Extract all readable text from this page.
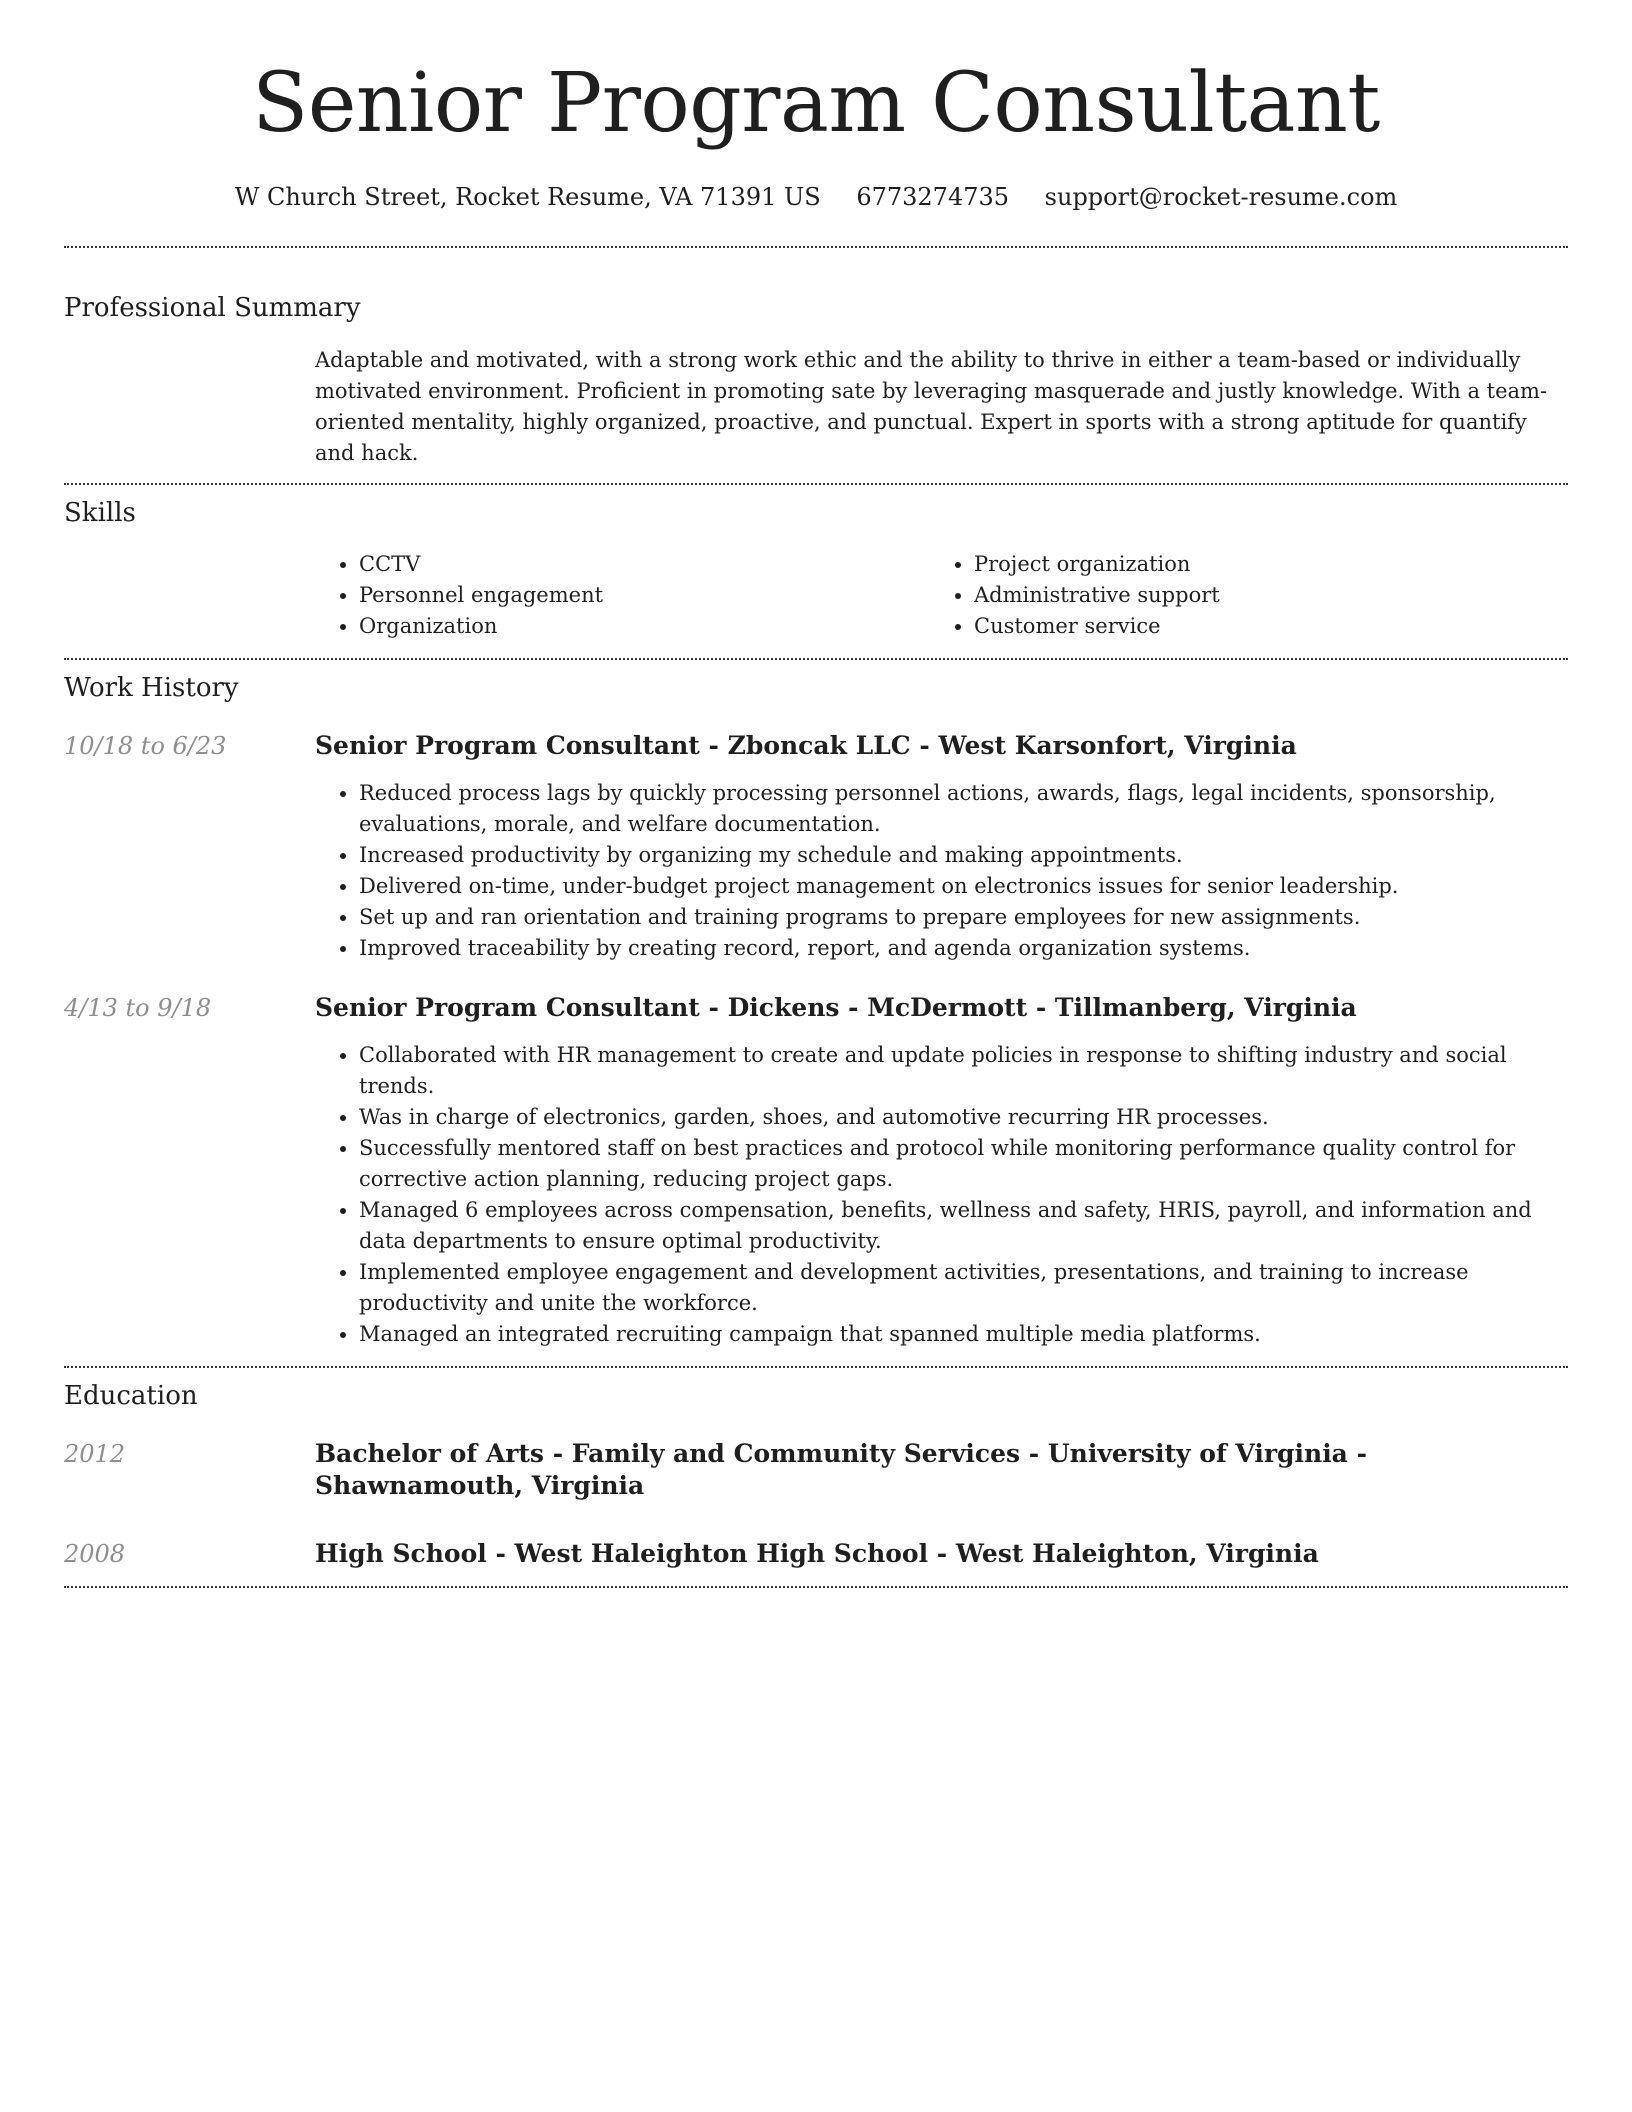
Senior Program Consultant
W Church Street, Rocket Resume, VA 71391 US 6773274735 support@rocket-resume.com
Professional Summary

Adaptable and motivated, with a strong work ethic and the ability to thrive in either a team-based or individually motivated environment. Proficient in promoting sate by leveraging masquerade and justly knowledge. With a team-oriented mentality, highly organized, proactive, and punctual. Expert in sports with a strong aptitude for quantify and hack.

Skills
• CCTV
• Personnel engagement
• Organization
• Project organization
• Administrative support
• Customer service
Work History
10/18 to 6/23	Senior Program Consultant - Zboncak LLC - West Karsonfort, Virginia
• Reduced process lags by quickly processing personnel actions, awards, flags, legal incidents, sponsorship, evaluations, morale, and welfare documentation.
• Increased productivity by organizing my schedule and making appointments.
• Delivered on-time, under-budget project management on electronics issues for senior leadership.
• Set up and ran orientation and training programs to prepare employees for new assignments.
• Improved traceability by creating record, report, and agenda organization systems.
4/13 to 9/18	Senior Program Consultant - Dickens - McDermott - Tillmanberg, Virginia
• Collaborated with HR management to create and update policies in response to shifting industry and social trends.
• Was in charge of electronics, garden, shoes, and automotive recurring HR processes.
• Successfully mentored staff on best practices and protocol while monitoring performance quality control for corrective action planning, reducing project gaps.
• Managed 6 employees across compensation, benefits, wellness and safety, HRIS, payroll, and information and data departments to ensure optimal productivity.
• Implemented employee engagement and development activities, presentations, and training to increase productivity and unite the workforce.
• Managed an integrated recruiting campaign that spanned multiple media platforms.
Education
2012	Bachelor of Arts - Family and Community Services - University of Virginia - Shawnamouth, Virginia
2008	High School - West Haleighton High School - West Haleighton, Virginia
